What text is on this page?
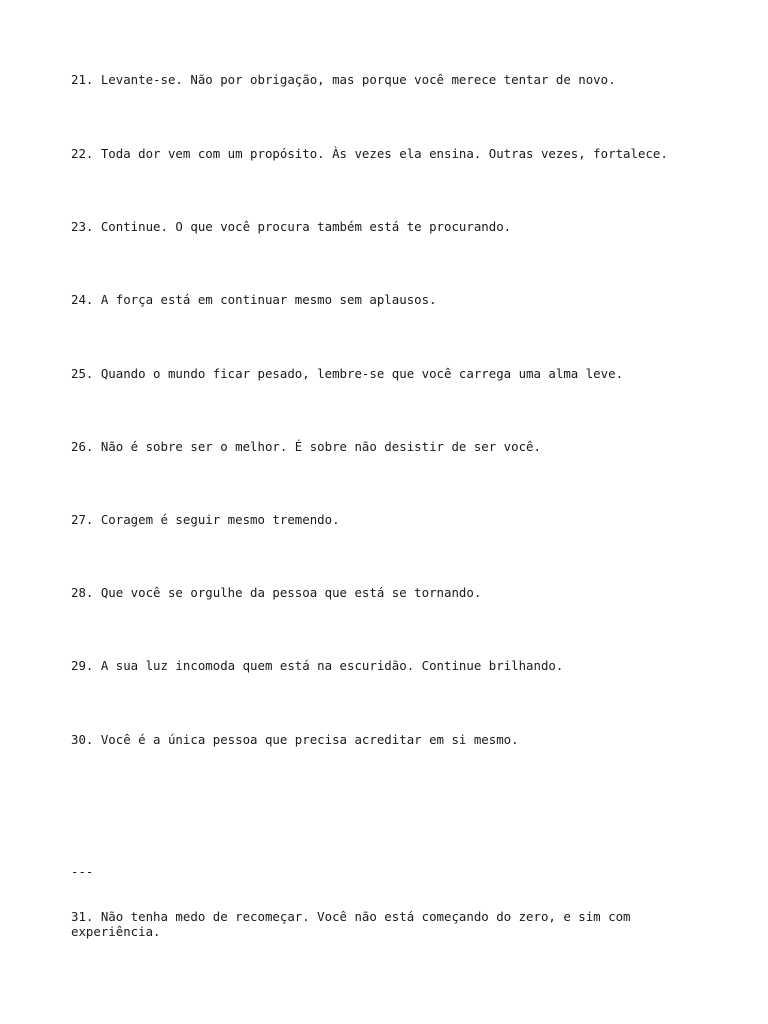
21. Levante-se. Não por obrigação, mas porque você merece tentar de novo.

22. Toda dor vem com um propósito. Às vezes ela ensina. Outras vezes, fortalece.

23. Continue. O que você procura também está te procurando.

24. A força está em continuar mesmo sem aplausos.

25. Quando o mundo ficar pesado, lembre-se que você carrega uma alma leve.

26. Não é sobre ser o melhor. É sobre não desistir de ser você.

27. Coragem é seguir mesmo tremendo.

28. Que você se orgulhe da pessoa que está se tornando.

29. A sua luz incomoda quem está na escuridão. Continue brilhando.

30. Você é a única pessoa que precisa acreditar em si mesmo.

---

31. Não tenha medo de recomeçar. Você não está começando do zero, e sim com experiência.
